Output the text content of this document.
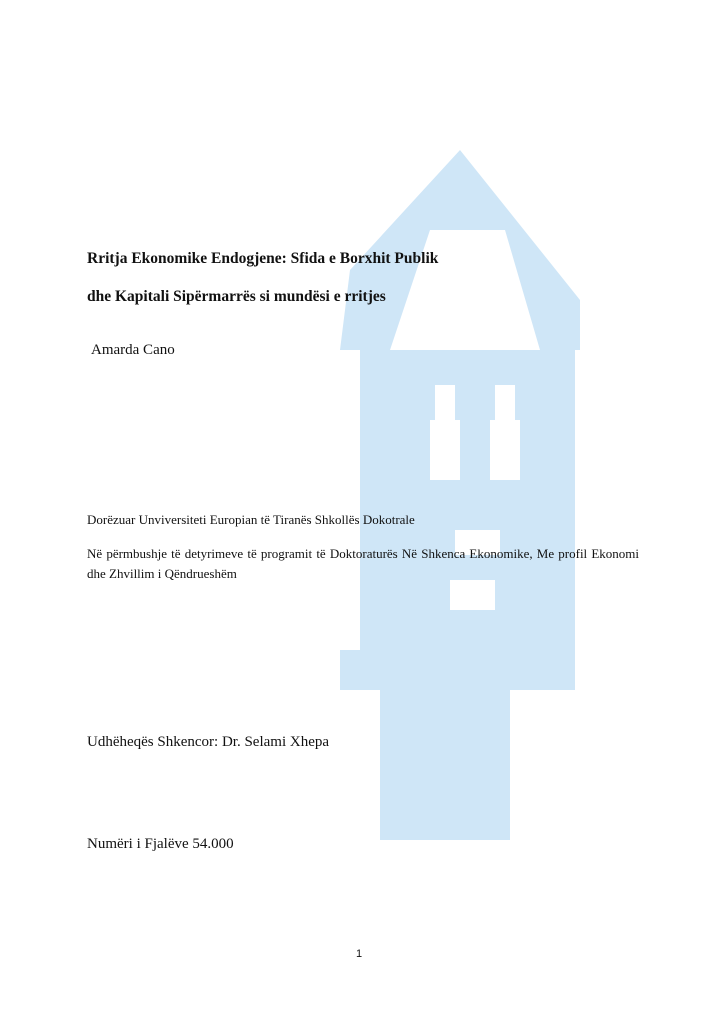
Rritja Ekonomike Endogjene: Sfida e Borxhit Publik
dhe Kapitali Sipërmarrës si mundësi e rritjes
Amarda Cano
Dorëzuar Unviversiteti Europian të Tiranës Shkollës Dokotrale
Në përmbushje të detyrimeve të programit të Doktoraturës Në Shkenca Ekonomike, Me profil Ekonomi dhe Zhvillim i Qëndrueshëm
Udhëheqës Shkencor: Dr. Selami Xhepa
Numëri i Fjalëve 54.000
1
